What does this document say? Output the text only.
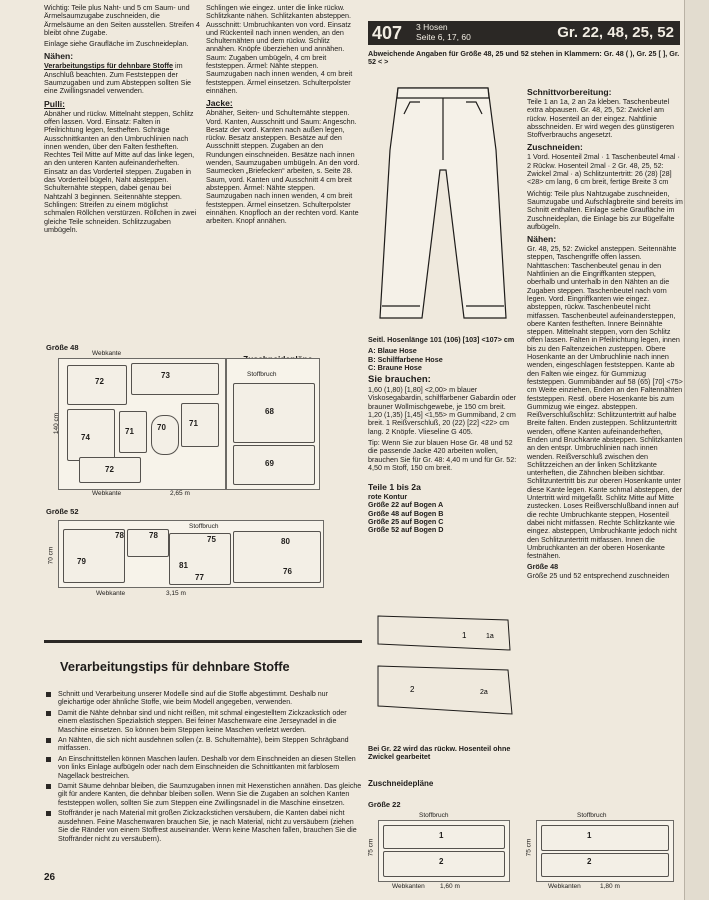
Wichtig: Teile plus Naht- und 5 cm Saum- und Ärmelsaumzugabe zuschneiden, die Ärmelsäume an den Seiten ausstellen. Streifen 4 bleibt ohne Zugabe.

Einlage siehe Graufläche im Zuschneideplan.

Nähen:

Verarbeitungstips für dehnbare Stoffe im Anschluß beachten. Zum Feststeppen der Saumzugaben und zum Absteppen sollten Sie eine Zwillingsnadel verwenden.

Pulli:

Abnäher und rückw. Mittelnaht steppen, Schlitz offen lassen. Vord. Einsatz: Falten in Pfeilrichtung legen, festheften. Schräge Ausschnittkanten an den Umbruchlinien nach innen wenden, über den Falten festheften. Rechtes Teil Mitte auf Mitte auf das linke legen, an den unteren Kanten aufeinanderheften. Einsatz an das Vorderteil steppen. Zugaben in das Vorderteil bügeln, Naht absteppen. Schulternähte steppen, dabei genau bei Nahtzahl 3 beginnen. Seitennähte steppen. Schlingen: Streifen zu einem möglichst schmalen Röllchen verstürzen. Röllchen in zwei gleiche Teile schneiden. Schlitzzugaben umbügeln.

Schlingen wie eingez. unter die linke rückw. Schlitzkante nähen. Schlitzkanten absteppen. Ausschnitt: Umbruchkanten von vord. Einsatz und Rückenteil nach innen wenden, an den Schulternähten und dem rückw. Schlitz annähen. Knöpfe überziehen und annähen. Saum: Zugaben umbügeln, 4 cm breit feststeppen. Ärmel: Nähte steppen. Saumzugaben nach innen wenden, 4 cm breit feststeppen. Ärmel einsetzen. Schulterpolster einnähen.

Jacke:

Abnäher, Seiten- und Schulternähte steppen. Vord. Kanten, Ausschnitt und Saum: Angeschn. Besatz der vord. Kanten nach außen legen, rückw. Besatz ansteppen. Besätze auf den Ausschnitt steppen. Zugaben an den Rundungen einschneiden. Besätze nach innen wenden, Saumzugaben umbügeln. An den vord. Saumecken „Briefecken“ arbeiten, s. Seite 28. Saum, vord. Kanten und Ausschnitt 4 cm breit absteppen. Ärmel: Nähte steppen. Saumzugaben nach innen wenden, 4 cm breit feststeppen. Ärmel einsetzen. Schulterpolster einnähen. Knopfloch an der rechten vord. Kante arbeiten. Knopf annähen.

Größe 48
72
73
74
71	70	71
72
Stoffbruch
68
69
140 cm
Webkante
Webkante	2,65 m
Größe 52
Stoffbruch
78	78	75	80
79	81
77
76
70 cm
Webkante	3,15 m
Verarbeitungstips für dehnbare Stoffe
Schnitt und Verarbeitung unserer Modelle sind auf die Stoffe abgestimmt. Deshalb nur gleichartige oder ähnliche Stoffe, wie beim Modell angegeben, verwenden.
Damit die Nähte dehnbar sind und nicht reißen, mit schmal eingestelltem Zickzackstich oder einem elastischen Spezialstich steppen. Bei feiner Maschenware eine Jerseynadel in die Maschine einsetzen. So können beim Steppen keine Maschen verletzt werden.
An Nähten, die sich nicht ausdehnen sollen (z. B. Schulternähte), beim Steppen Schrägband mitfassen.
An Einschnittstellen können Maschen laufen. Deshalb vor dem Einschneiden an diesen Stellen von links Einlage aufbügeln oder nach dem Einschneiden die Schnittkanten mit farblosem Nagellack bestreichen.
Damit Säume dehnbar bleiben, die Saumzugaben innen mit Hexenstichen annähen. Das gleiche gilt für andere Kanten, die dehnbar bleiben sollen. Wenn Sie die Zugaben an solchen Kanten feststeppen wollen, sollten Sie zum Steppen eine Zwillingsnadel in die Maschine einsetzen.
Stoffränder je nach Material mit großen Zickzackstichen versäubern, die Kanten dabei nicht ausdehnen. Feine Maschenwaren brauchen Sie, je nach Material, nicht zu versäubern (ziehen Sie die Ränder von einem Stoffrest auseinander. Wenn keine Maschen fallen, brauchen Sie die Stoffränder nicht zu versäubern).
26
407 3 Hosen
Seite 6, 17, 60	Gr. 22, 48, 25, 52
Abweichende Angaben für Größe 48, 25 und 52 stehen in Klammern: Gr. 48 ( ), Gr. 25 [ ], Gr. 52 < >

Seitl. Hosenlänge 101 (106) [103] <107> cm

A: Blaue Hose

B: Schilffarbene Hose

C: Braune Hose

Sie brauchen:

1,60 (1,80) [1,80] <2,00> m blauer Viskosegabardin, schilffarbener Gabardin oder brauner Wollmischgewebe, je 150 cm breit. 1,20 (1,35) [1,45] <1,55> m Gummiband, 2 cm breit. 1 Reißverschluß, 20 (22) [22] <22> cm lang. 2 Knöpfe. Vlieseline G 405.

Tip: Wenn Sie zur blauen Hose Gr. 48 und 52 die passende Jacke 420 arbeiten wollen, brauchen Sie für Gr. 48: 4,40 m und für Gr. 52: 4,50 m Stoff, 150 cm breit.

Teile 1 bis 2a
rote Kontur
Größe 22 auf Bogen A
Größe 48 auf Bogen B
Größe 25 auf Bogen C
Größe 52 auf Bogen D
1	1a
2	2a
Bei Gr. 22 wird das rückw. Hosenteil ohne Zwickel gearbeitet
Zuschneidepläne
Größe 22
Stoffbruch
1
2
75 cm
Webkanten 1,60 m
Schnittvorbereitung:

Teile 1 an 1a, 2 an 2a kleben. Taschenbeutel extra abpausen. Gr. 48, 25, 52: Zwickel am rückw. Hosenteil an der eingez. Nahtlinie absschneiden. Er wird wegen des günstigeren Stoffverbrauchs angesetzt.

Zuschneiden:

1 Vord. Hosenteil 2mal · 1 Taschenbeutel 4mal · 2 Rückw. Hosenteil 2mal · 2 Gr. 48, 25, 52: Zwickel 2mal · a) Schlitzuntertritt: 26 (28) [28] <28> cm lang, 6 cm breit, fertige Breite 3 cm

Wichtig: Teile plus Nahtzugabe zuschneiden, Saumzugabe und Aufschlagbreite sind bereits im Schnitt enthalten. Einlage siehe Graufläche im Zuschneideplan, die Einlage bis zur Bügelfalte aufbügeln.

Nähen:

Gr. 48, 25, 52: Zwickel ansteppen. Seitennähte steppen, Taschengriffe offen lassen. Nahttaschen: Taschenbeutel genau in den Nahtlinien an die Eingriffkanten steppen, oberhalb und unterhalb in den Nähten an die Zugaben steppen. Taschenbeutel nach vorn legen. Vord. Eingriffkanten wie eingez. absteppen, rückw. Taschenbeutel nicht mitfassen. Taschenbeutel aufeinandersteppen, obere Kanten festheften. Innere Beinnähte steppen. Mittelnaht steppen, vorn den Schlitz offen lassen. Falten in Pfeilrichtung legen, innen bis zu den Faltenzeichen zusteppen. Obere Hosenkante an der Umbruchlinie nach innen wenden, eingeschlagen feststeppen. Kante ab den Falten wie eingez. für Gummizug feststeppen. Gummibänder auf 58 (65) [70] <75> cm Weite einziehen, Enden an den Faltennähten feststeppen. Restl. obere Hosenkante bis zum Gummizug wie eingez. absteppen. Reißverschlußschlitz: Schlitzuntertritt auf halbe Breite falten. Enden zusteppen. Schlitzuntertritt wenden, offene Kanten aufeinanderheften, Enden und Bruchkante absteppen. Schlitzkanten an den entspr. Umbruchlinien nach innen wenden. Reißverschluß zwischen den Schlitzzeichen an der linken Schlitzkante unterheften, die Zähnchen bleiben sichtbar. Schlitzuntertritt bis zur oberen Hosenkante unter diese Kante legen. Kante schmal absteppen, der Untertritt wird mitgefaßt. Schlitz Mitte auf Mitte zustecken. Loses Reißverschlußband innen auf die rechte Umbruchkante steppen, Hosenteil dabei nicht mitfassen. Rechte Schlitzkante wie eingez. absteppen, Umbruchkante jedoch nicht den Schlitzuntertritt mitfassen. Innen die Umbruchkanten an der oberen Hosenkante festnähen.

Größe 48
Größe 25 und 52 entsprechend zuschneiden
Stoffbruch
1
2
75 cm
Webkanten	1,80 m
